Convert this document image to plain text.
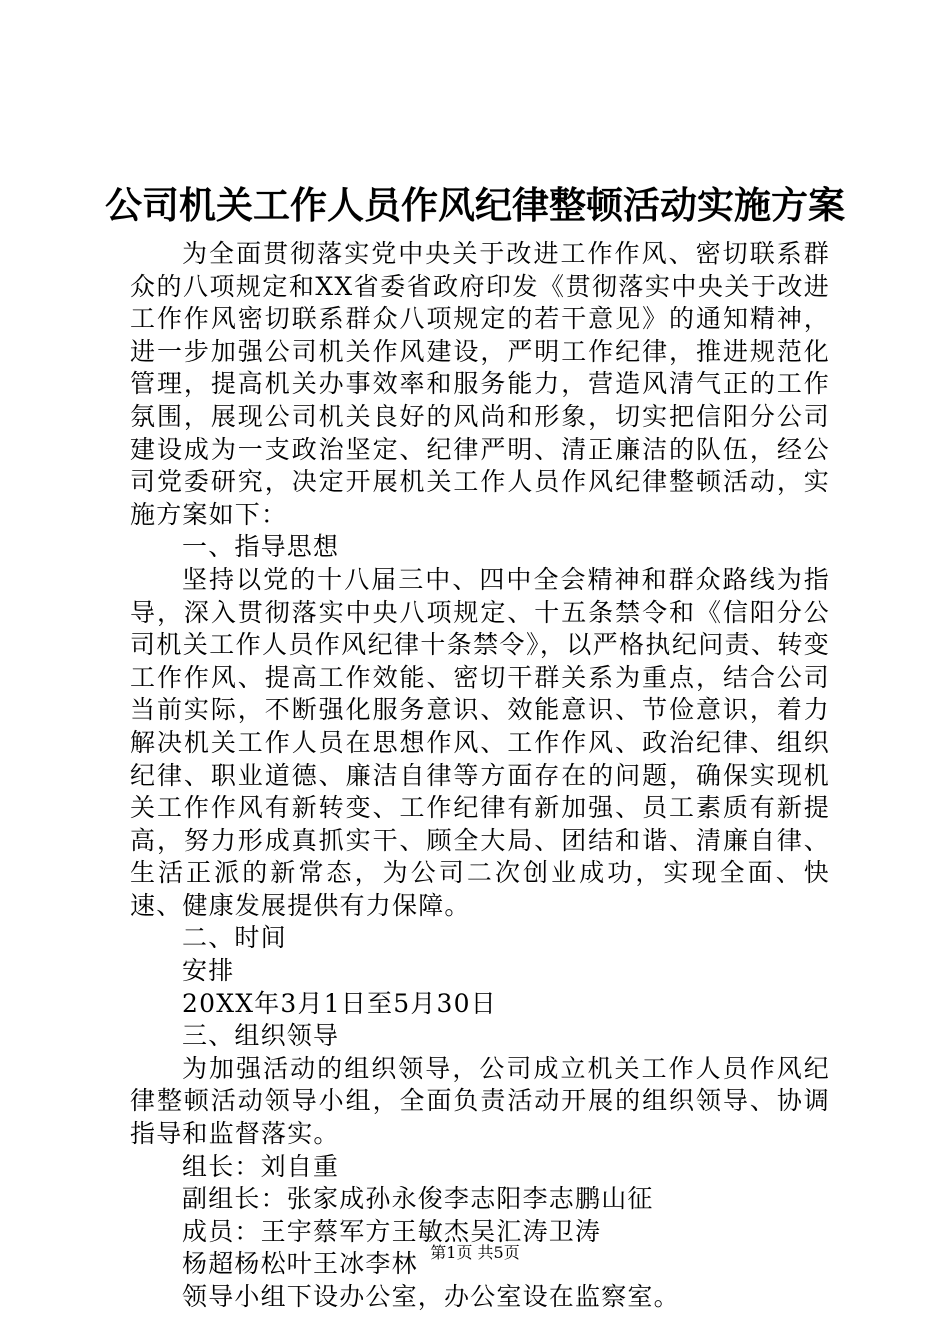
公司机关工作人员作风纪律整顿活动实施方案

为全面贯彻落实党中央关于改进工作作风、密切联系群众的八项规定和XX省委省政府印发《贯彻落实中央关于改进工作作风密切联系群众八项规定的若干意见》的通知精神，进一步加强公司机关作风建设，严明工作纪律，推进规范化管理，提高机关办事效率和服务能力，营造风清气正的工作氛围，展现公司机关良好的风尚和形象，切实把信阳分公司建设成为一支政治坚定、纪律严明、清正廉洁的队伍，经公司党委研究，决定开展机关工作人员作风纪律整顿活动，实施方案如下：

一、指导思想

坚持以党的十八届三中、四中全会精神和群众路线为指导，深入贯彻落实中央八项规定、十五条禁令和《信阳分公司机关工作人员作风纪律十条禁令》，以严格执纪问责、转变工作作风、提高工作效能、密切干群关系为重点，结合公司当前实际，不断强化服务意识、效能意识、节俭意识，着力解决机关工作人员在思想作风、工作作风、政治纪律、组织纪律、职业道德、廉洁自律等方面存在的问题，确保实现机关工作作风有新转变、工作纪律有新加强、员工素质有新提高，努力形成真抓实干、顾全大局、团结和谐、清廉自律、生活正派的新常态，为公司二次创业成功，实现全面、快速、健康发展提供有力保障。

二、时间

安排

20XX年3月1日至5月30日

三、组织领导

为加强活动的组织领导，公司成立机关工作人员作风纪律整顿活动领导小组，全面负责活动开展的组织领导、协调指导和监督落实。

组长：刘自重

副组长：张家成孙永俊李志阳李志鹏山征

成员：王宇蔡军方王敏杰吴汇涛卫涛

杨超杨松叶王冰李林

领导小组下设办公室，办公室设在监察室。

第1页 共5页
